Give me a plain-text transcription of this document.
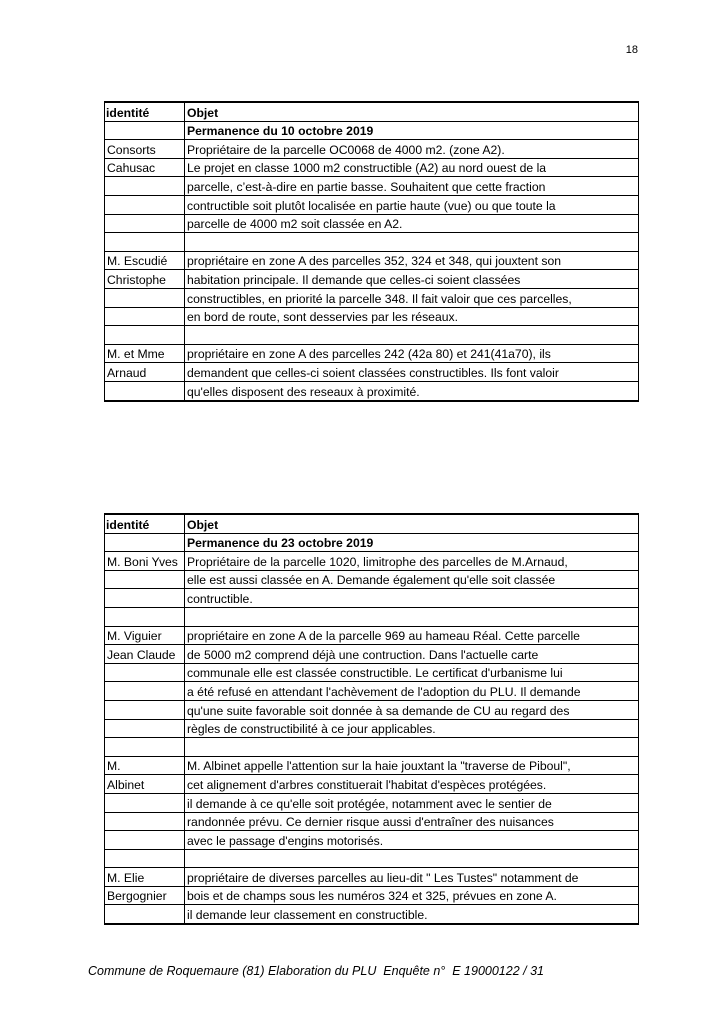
18
identité	Objet
	Permanence du 10 octobre 2019
Consorts	Propriétaire de la parcelle OC0068 de 4000 m2. (zone A2).
Cahusac	Le projet en classe 1000 m2 constructible (A2) au nord ouest de la
	parcelle, c’est-à-dire en partie basse. Souhaitent que cette fraction
	contructible soit plutôt localisée en partie haute (vue) ou que toute la
	parcelle de 4000 m2 soit classée en A2.

M. Escudié	propriétaire en zone A des parcelles 352, 324 et 348, qui jouxtent son
Christophe	habitation principale. Il demande que celles-ci soient classées
	constructibles, en priorité la parcelle 348. Il fait valoir que ces parcelles,
	en bord de route, sont desservies par les réseaux.

M. et Mme	propriétaire en zone A des parcelles 242 (42a 80) et 241(41a70), ils
Arnaud	demandent que celles-ci soient classées constructibles. Ils font valoir
	qu'elles disposent des reseaux à proximité.
identité	Objet
	Permanence du 23 octobre 2019
M. Boni Yves	Propriétaire de la parcelle 1020, limitrophe des parcelles de M.Arnaud,
	elle est aussi classée en A. Demande également qu'elle soit classée
	contructible.

M. Viguier	propriétaire en zone A de la parcelle 969 au hameau Réal. Cette parcelle
Jean Claude	de 5000 m2 comprend déjà une contruction. Dans l'actuelle carte
	communale elle est classée constructible. Le certificat d'urbanisme lui
	a été refusé en attendant l'achèvement de l'adoption du PLU. Il demande
	qu'une suite favorable soit donnée à sa demande de CU au regard des
	règles de constructibilité à ce jour applicables.

M.	M. Albinet appelle l'attention sur la haie jouxtant la "traverse de Piboul",
Albinet	cet alignement d'arbres constituerait l'habitat d'espèces protégées.
	il demande à ce qu'elle soit protégée, notamment avec le sentier de
	randonnée prévu. Ce dernier risque aussi d'entraîner des nuisances
	avec le passage d'engins motorisés.

M. Elie	propriétaire de diverses parcelles au lieu-dit " Les Tustes" notamment de
Bergognier	bois et de champs sous les numéros 324 et 325, prévues en zone A.
	il demande leur classement en constructible.
Commune de Roquemaure (81) Elaboration du PLU  Enquête n°  E 19000122 / 31
